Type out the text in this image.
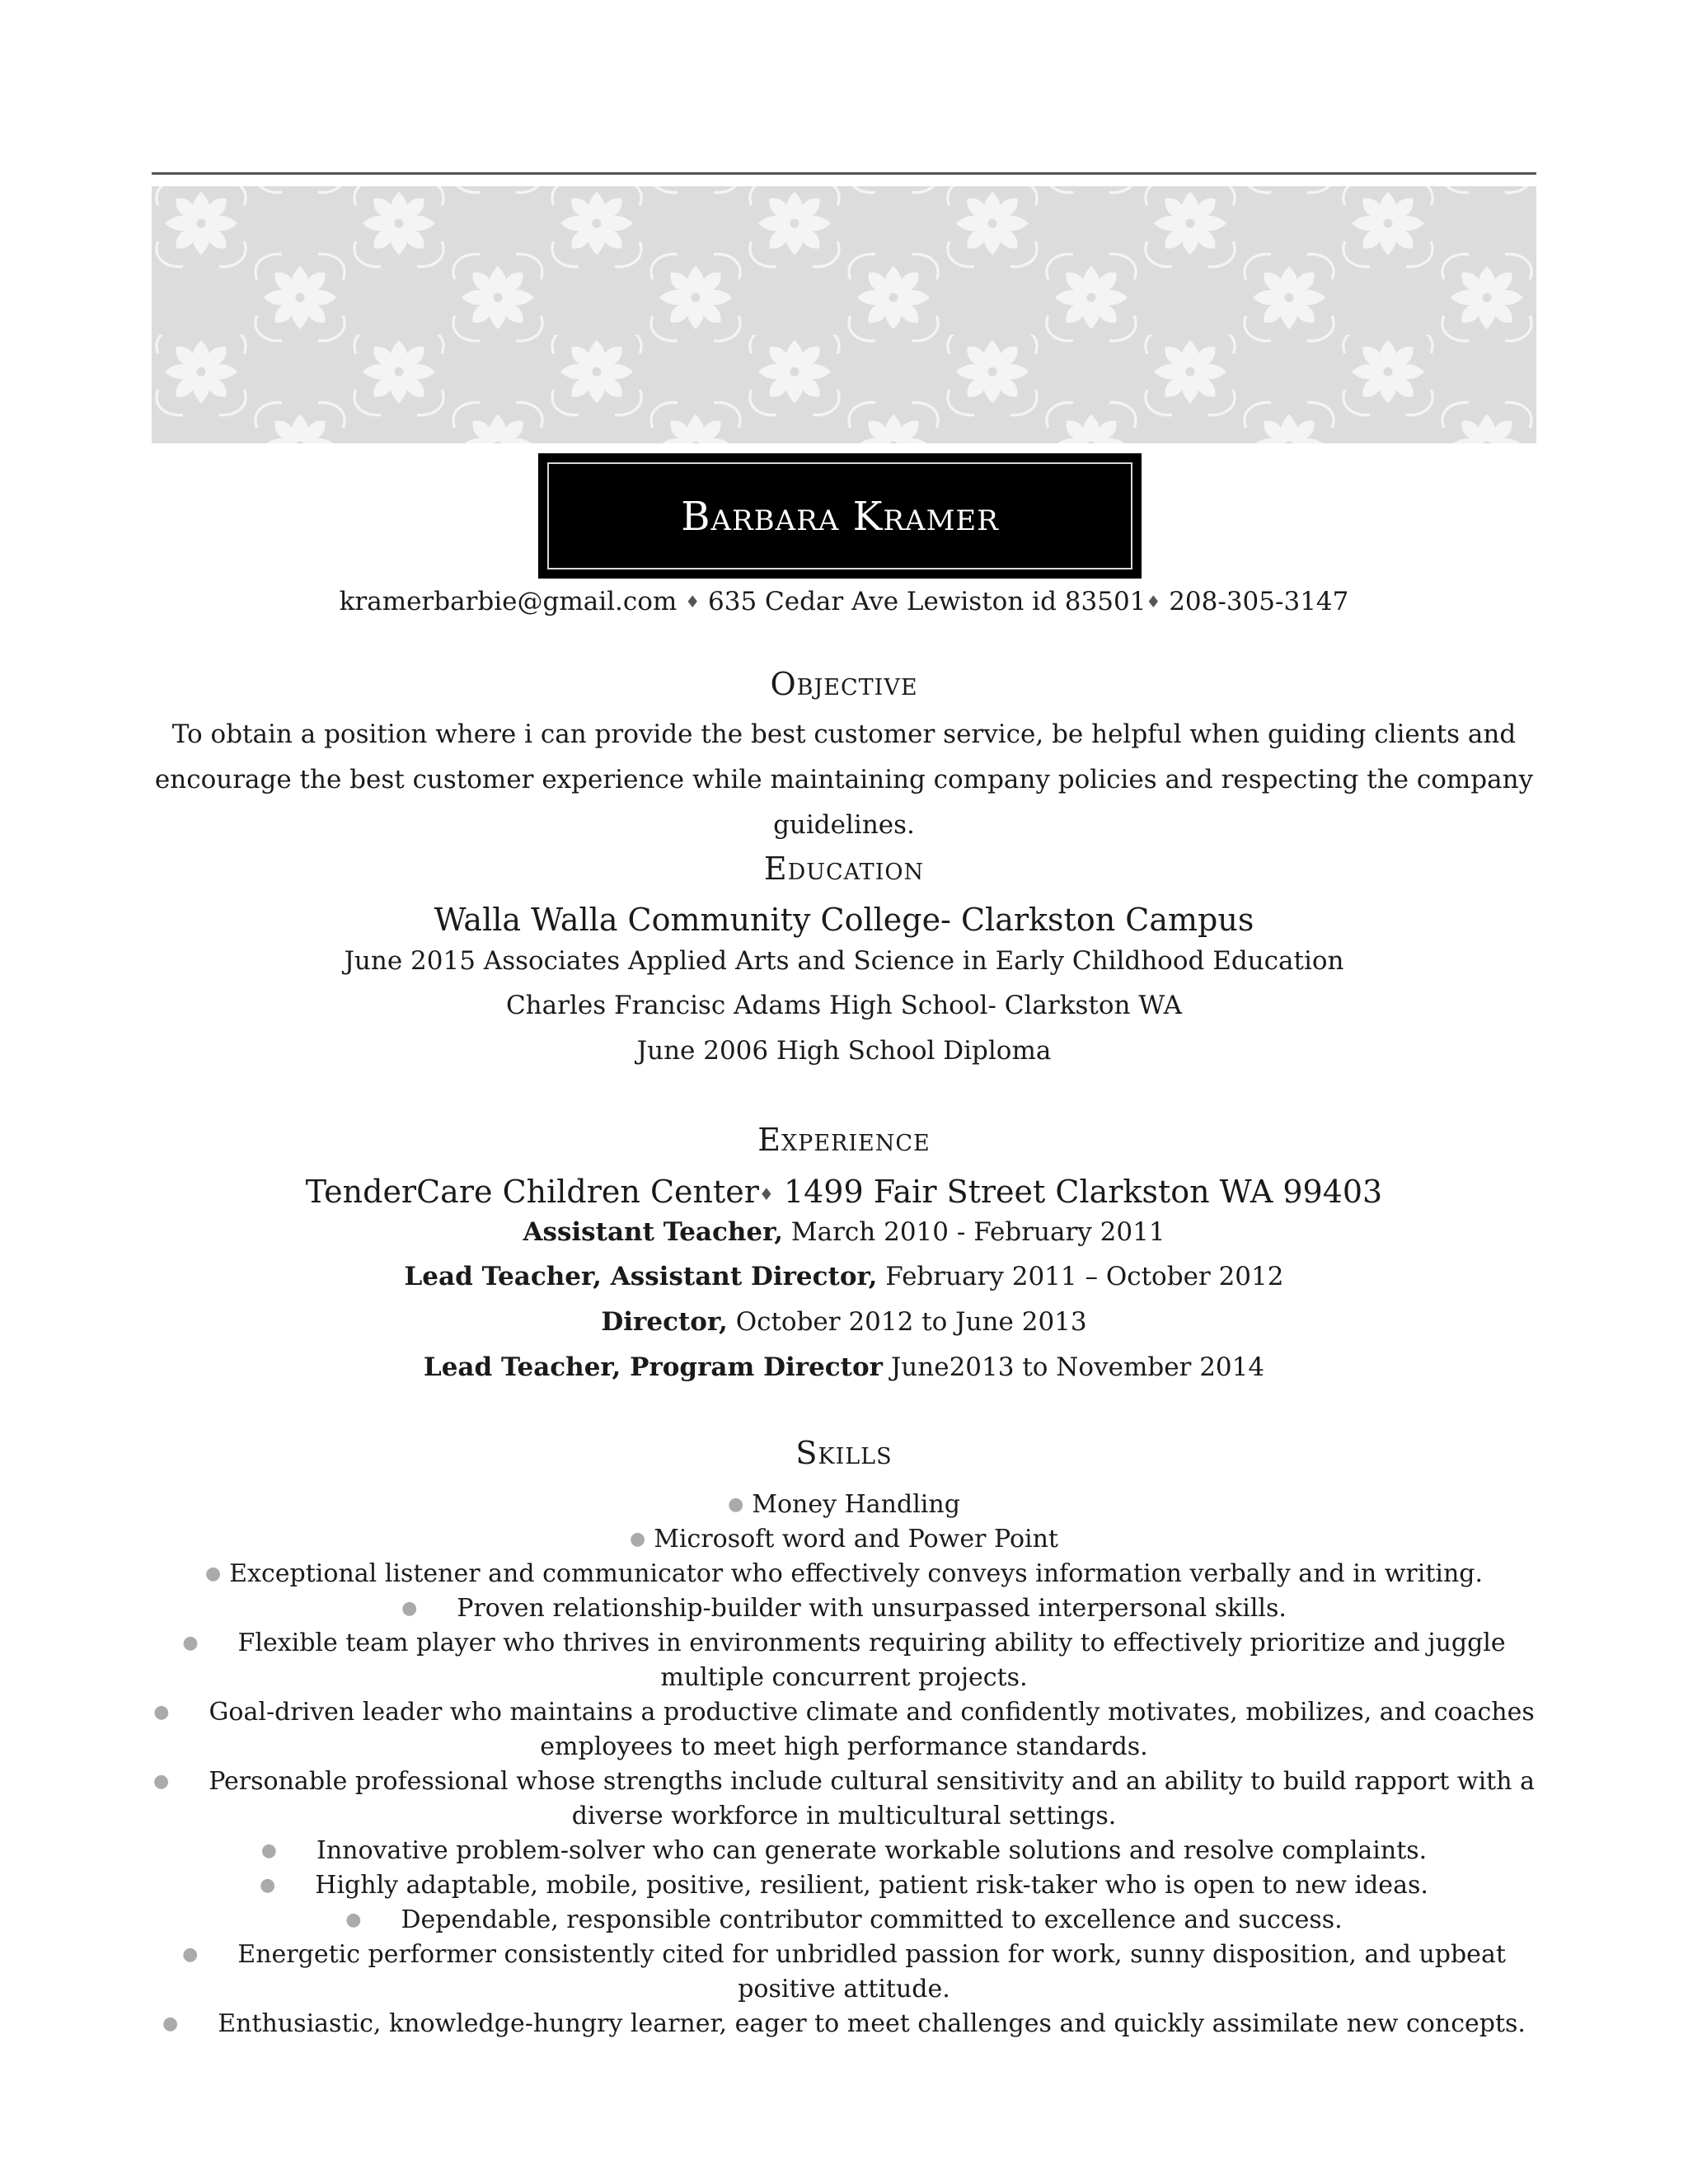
Barbara Kramer
kramerbarbie@gmail.com ♦ 635 Cedar Ave Lewiston id 83501♦ 208-305-3147
Objective
To obtain a position where i can provide the best customer service, be helpful when guiding clients and encourage the best customer experience while maintaining company policies and respecting the company guidelines.
Education
Walla Walla Community College- Clarkston Campus
June 2015 Associates Applied Arts and Science in Early Childhood Education
Charles Francisc Adams High School- Clarkston WA
June 2006 High School Diploma
Experience
TenderCare Children Center♦ 1499 Fair Street Clarkston WA 99403
Assistant Teacher, March 2010 - February 2011
Lead Teacher, Assistant Director, February 2011 – October 2012
Director, October 2012 to June 2013
Lead Teacher, Program Director June2013 to November 2014
Skills

● Money Handling

● Microsoft word and Power Point

● Exceptional listener and communicator who effectively conveys information verbally and in writing.

● Proven relationship-builder with unsurpassed interpersonal skills.

● Flexible team player who thrives in environments requiring ability to effectively prioritize and juggle multiple concurrent projects.

● Goal-driven leader who maintains a productive climate and confidently motivates, mobilizes, and coaches employees to meet high performance standards.

● Personable professional whose strengths include cultural sensitivity and an ability to build rapport with a diverse workforce in multicultural settings.

● Innovative problem-solver who can generate workable solutions and resolve complaints.

● Highly adaptable, mobile, positive, resilient, patient risk-taker who is open to new ideas.

● Dependable, responsible contributor committed to excellence and success.

● Energetic performer consistently cited for unbridled passion for work, sunny disposition, and upbeat positive attitude.

● Enthusiastic, knowledge-hungry learner, eager to meet challenges and quickly assimilate new concepts.
